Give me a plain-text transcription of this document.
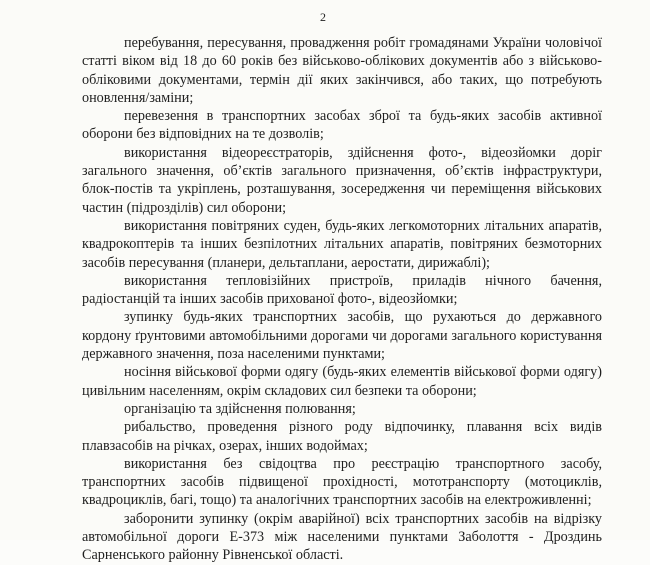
2

перебування, пересування, провадження робіт громадянами України чоловічої статті віком від 18 до 60 років без військово-облікових документів або з військово-обліковими документами, термін дії яких закінчився, або таких, що потребують оновлення/заміни;

перевезення в транспортних засобах зброї та будь-яких засобів активної оборони без відповідних на те дозволів;

використання відеореєстраторів, здійснення фото-, відеозйомки доріг загального значення, об’єктів загального призначення, об’єктів інфраструктури, блок-постів та укріплень, розташування, зосередження чи переміщення військових частин (підрозділів) сил оборони;

використання повітряних суден, будь-яких легкомоторних літальних апаратів, квадрокоптерів та інших безпілотних літальних апаратів, повітряних безмоторних засобів пересування (планери, дельтаплани, аеростати, дирижаблі);

використання тепловізійних пристроїв, приладів нічного бачення, радіостанцій та інших засобів прихованої фото-, відеозйомки;

зупинку будь-яких транспортних засобів, що рухаються до державного кордону ґрунтовими автомобільними дорогами чи дорогами загального користування державного значення, поза населеними пунктами;

носіння військової форми одягу (будь-яких елементів військової форми одягу) цивільним населенням, окрім складових сил безпеки та оборони;

організацію та здійснення полювання;

рибальство, проведення різного роду відпочинку, плавання всіх видів плавзасобів на річках, озерах, інших водоймах;

використання без свідоцтва про реєстрацію транспортного засобу, транспортних засобів підвищеної прохідності, мототранспорту (мотоциклів, квадроциклів, багі, тощо) та аналогічних транспортних засобів на електроживленні;

заборонити зупинку (окрім аварійної) всіх транспортних засобів на відрізку автомобільної дороги Е-373 між населеними пунктами Заболоття - Дроздинь Сарненського районну Рівненської області.
